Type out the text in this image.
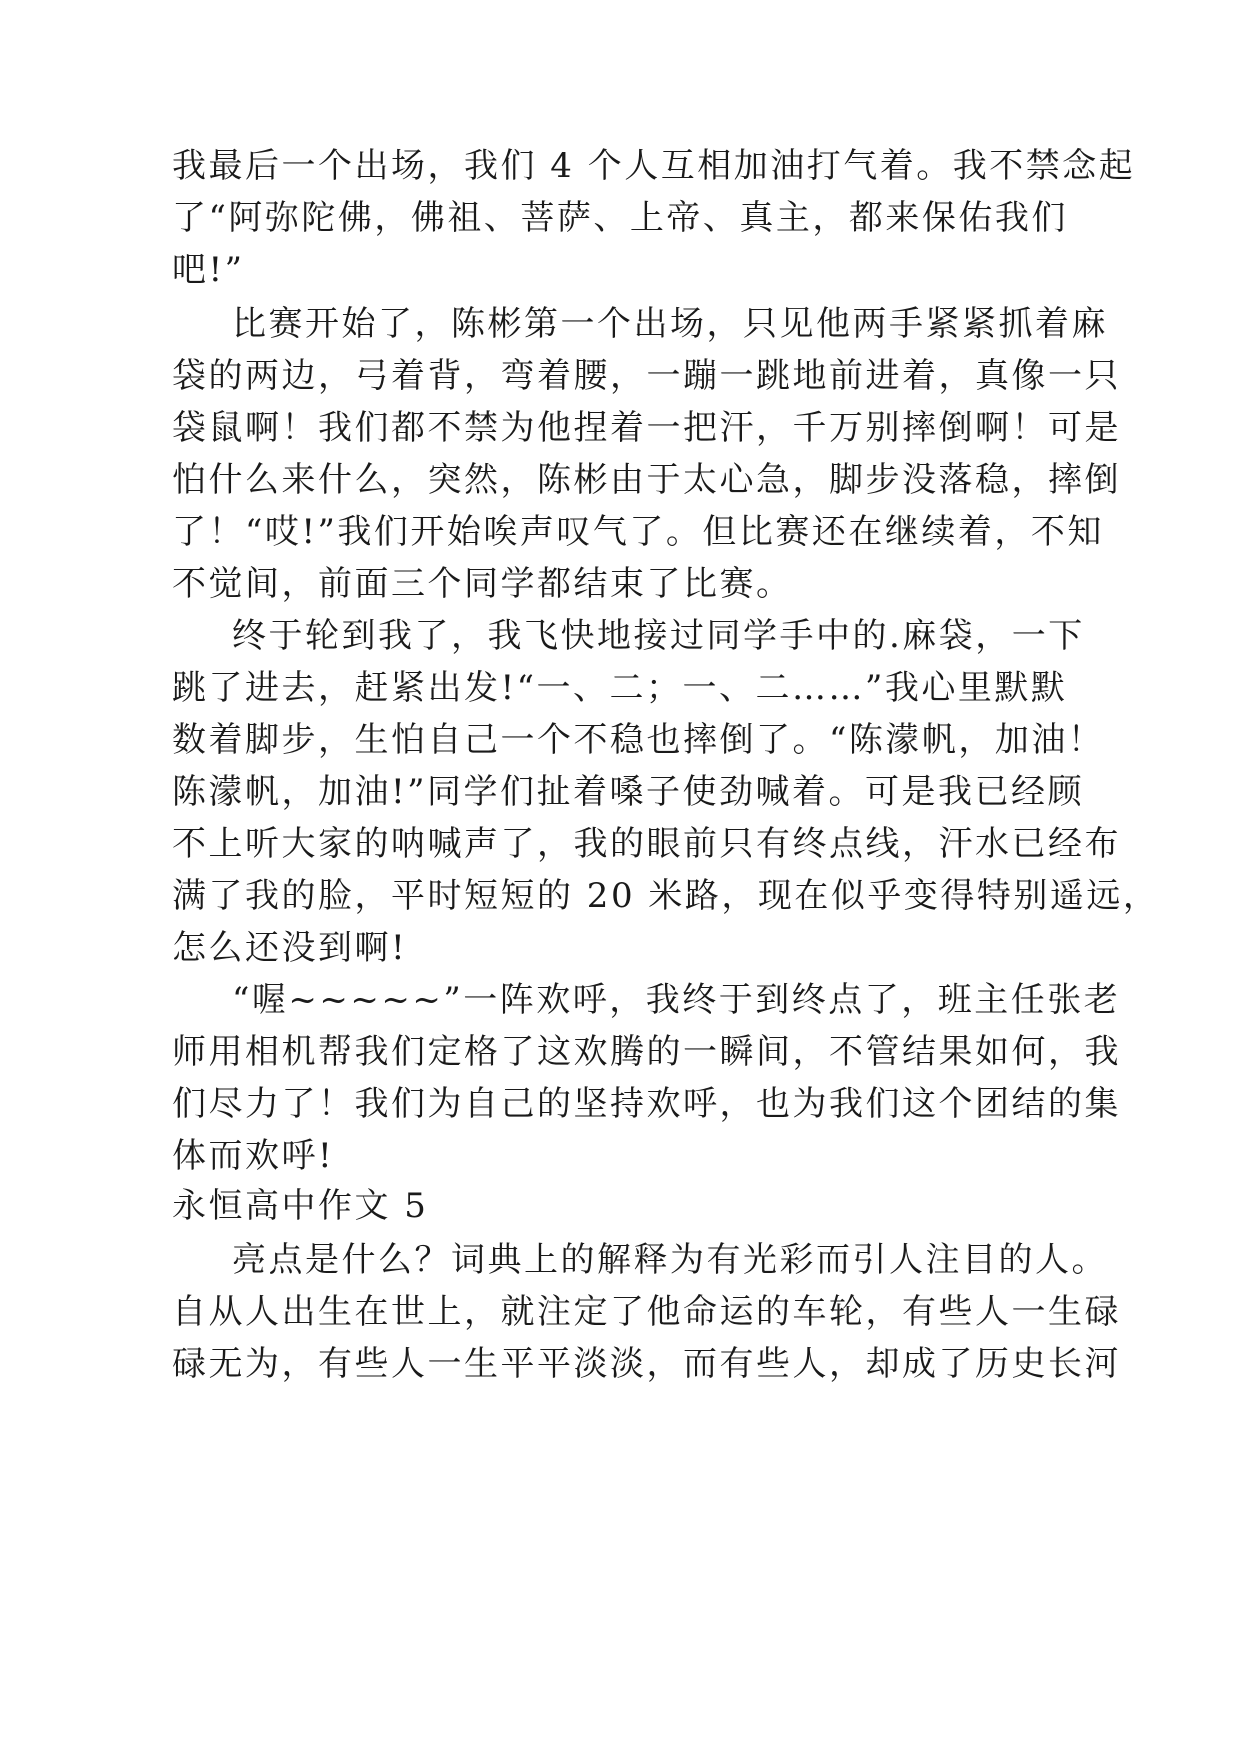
我最后一个出场，我们 4 个人互相加油打气着。我不禁念起
了“阿弥陀佛，佛祖、菩萨、上帝、真主，都来保佑我们
吧!”
比赛开始了，陈彬第一个出场，只见他两手紧紧抓着麻
袋的两边，弓着背，弯着腰，一蹦一跳地前进着，真像一只
袋鼠啊！我们都不禁为他捏着一把汗，千万别摔倒啊！可是
怕什么来什么，突然，陈彬由于太心急，脚步没落稳，摔倒
了！“哎!”我们开始唉声叹气了。但比赛还在继续着，不知
不觉间，前面三个同学都结束了比赛。
终于轮到我了，我飞快地接过同学手中的.麻袋，一下
跳了进去，赶紧出发!“一、二；一、二……”我心里默默
数着脚步，生怕自己一个不稳也摔倒了。“陈濛帆，加油！
陈濛帆，加油!”同学们扯着嗓子使劲喊着。可是我已经顾
不上听大家的呐喊声了，我的眼前只有终点线，汗水已经布
满了我的脸，平时短短的 20 米路，现在似乎变得特别遥远，
怎么还没到啊!
“喔~~~~~”一阵欢呼，我终于到终点了，班主任张老
师用相机帮我们定格了这欢腾的一瞬间，不管结果如何，我
们尽力了！我们为自己的坚持欢呼，也为我们这个团结的集
体而欢呼!
永恒高中作文 5
亮点是什么？词典上的解释为有光彩而引人注目的人。
自从人出生在世上，就注定了他命运的车轮，有些人一生碌
碌无为，有些人一生平平淡淡，而有些人，却成了历史长河
